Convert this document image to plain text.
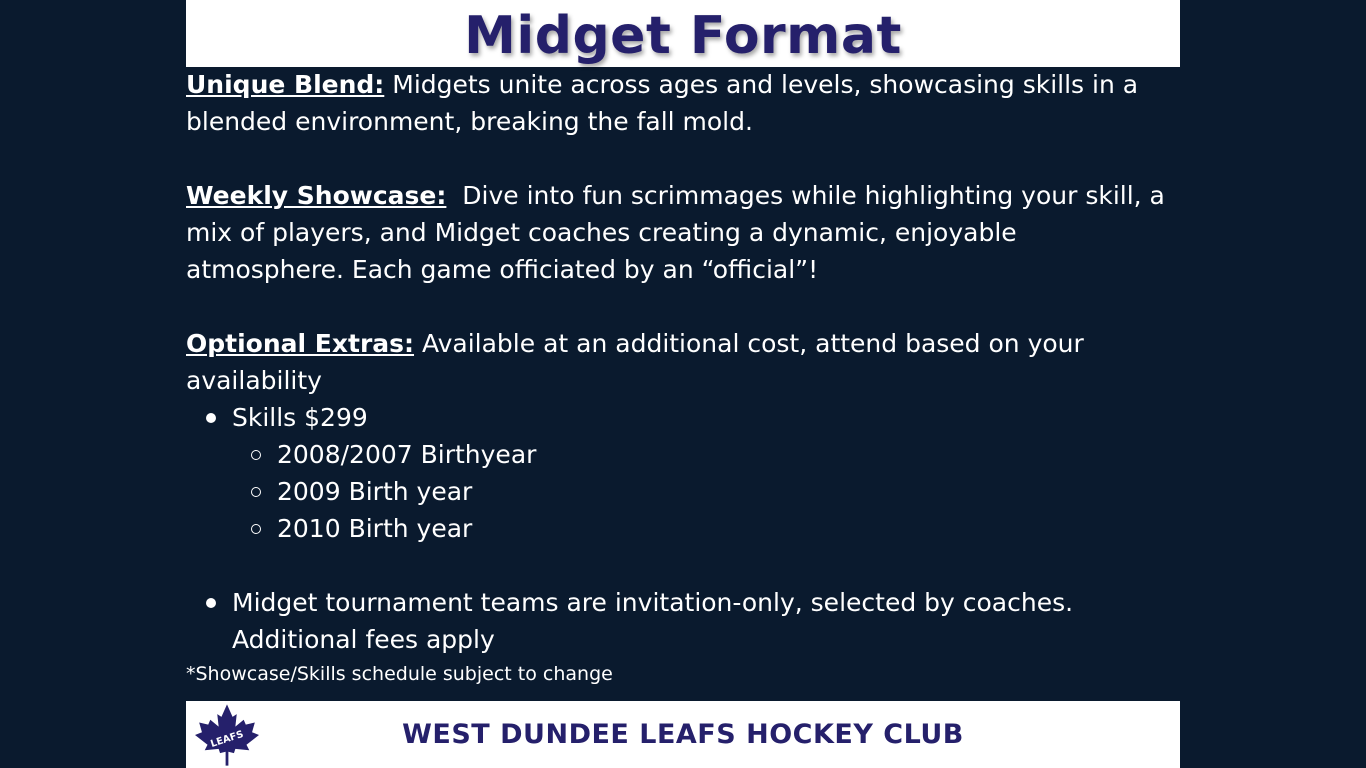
Midget Format

Unique Blend: Midgets unite across ages and levels, showcasing skills in a blended environment, breaking the fall mold.

Weekly Showcase: Dive into fun scrimmages while highlighting your skill, a mix of players, and Midget coaches creating a dynamic, enjoyable atmosphere. Each game officiated by an “official”!

Optional Extras: Available at an additional cost, attend based on your availability

Skills $299
2008/2007 Birthyear
2009 Birth year
2010 Birth year
Midget tournament teams are invitation-only, selected by coaches. Additional fees apply
*Showcase/Skills schedule subject to change
LEAFS	WEST DUNDEE LEAFS HOCKEY CLUB
